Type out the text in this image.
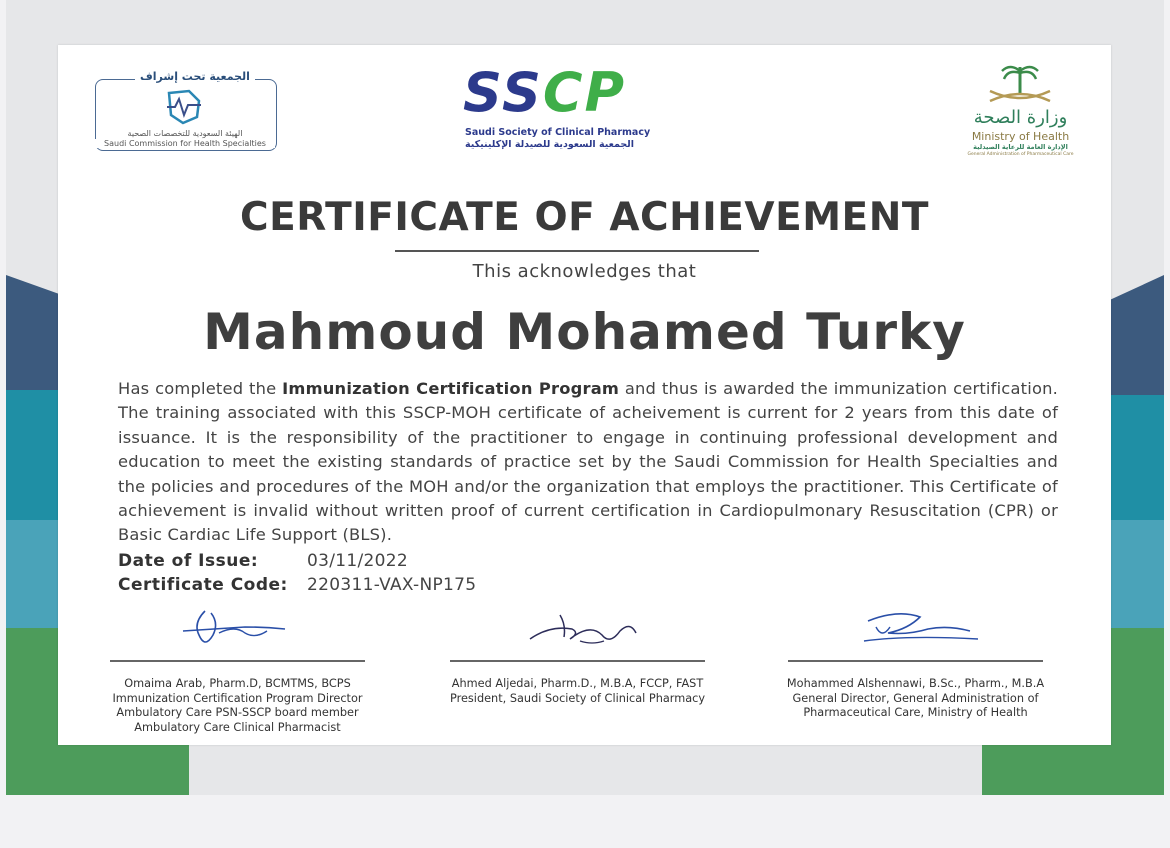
الجمعية تحت إشراف
الهيئة السعودية للتخصصات الصحية
Saudi Commission for Health Specialties
SSCP
Saudi Society of Clinical Pharmacy
الجمعية السعودية للصيدلة الإكلينيكية
وزارة الصحة
Ministry of Health
الإدارة العامة للرعاية الصيدلية
General Administration of Pharmaceutical Care
CERTIFICATE OF ACHIEVEMENT
This acknowledges that
Mahmoud Mohamed Turky
Has completed the Immunization Certification Program and thus is awarded the immunization certification. The training associated with this SSCP-MOH certificate of acheivement is current for 2 years from this date of issuance. It is the responsibility of the practitioner to engage in continuing professional development and education to meet the existing standards of practice set by the Saudi Commission for Health Specialties and the policies and procedures of the MOH and/or the organization that employs the practitioner. This Certificate of achievement is invalid without written proof of current certification in Cardiopulmonary Resuscitation (CPR) or Basic Cardiac Life Support (BLS).
Date of Issue:	03/11/2022
Certificate Code: 220311-VAX-NP175
Omaima Arab, Pharm.D, BCMTMS, BCPS
Immunization Certification Program Director
Ambulatory Care PSN-SSCP board member
Ambulatory Care Clinical Pharmacist
Ahmed Aljedai, Pharm.D., M.B.A, FCCP, FAST
President, Saudi Society of Clinical Pharmacy
Mohammed Alshennawi, B.Sc., Pharm., M.B.A
General Director, General Administration of
Pharmaceutical Care, Ministry of Health
